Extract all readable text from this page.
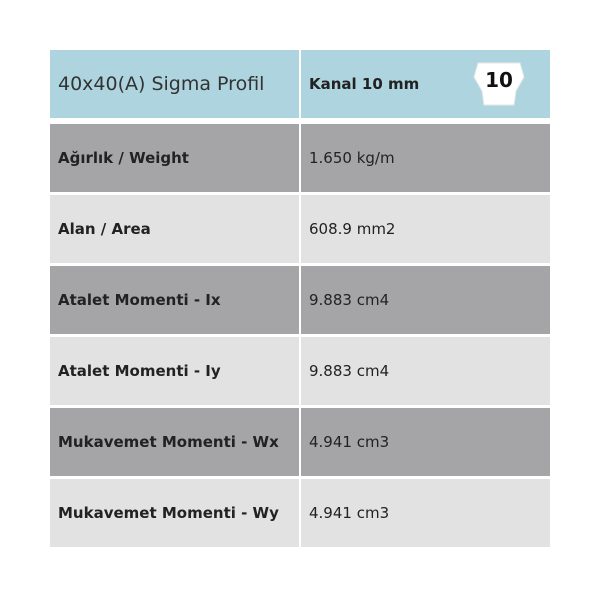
40x40(A) Sigma Profil	Kanal 10 mm	10
Ağırlık / Weight	1.650 kg/m
Alan / Area	608.9 mm2
Atalet Momenti - Ix	9.883 cm4
Atalet Momenti - Iy	9.883 cm4
Mukavemet Momenti - Wx 4.941 cm3
Mukavemet Momenti - Wy 4.941 cm3
